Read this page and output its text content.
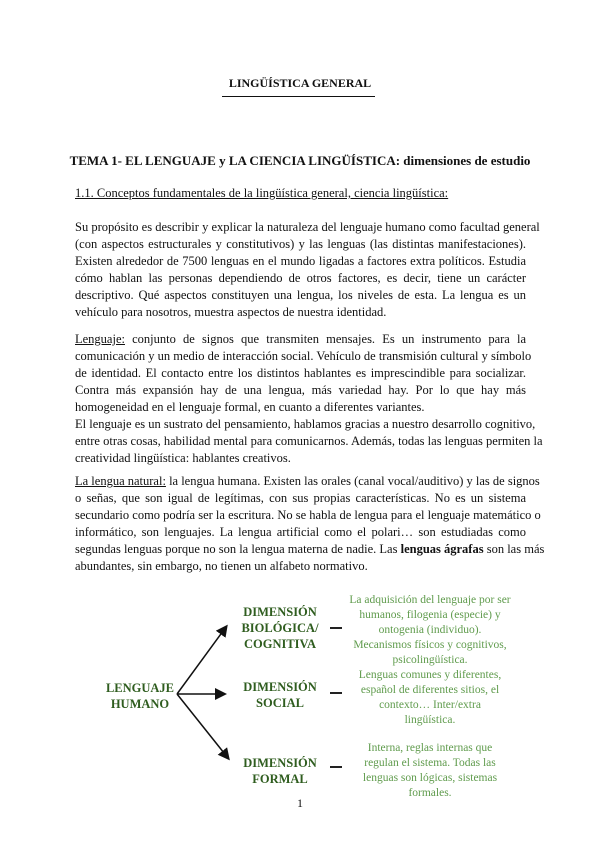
LINGÜÍSTICA GENERAL
TEMA 1- EL LENGUAJE y LA CIENCIA LINGÜÍSTICA: dimensiones de estudio
1.1. Conceptos fundamentales de la lingüística general, ciencia lingüística:
Su propósito es describir y explicar la naturaleza del lenguaje humano como facultad general
(con aspectos estructurales y constitutivos) y las lenguas (las distintas manifestaciones).
Existen alrededor de 7500 lenguas en el mundo ligadas a factores extra políticos. Estudia
cómo hablan las personas dependiendo de otros factores, es decir, tiene un carácter
descriptivo. Qué aspectos constituyen una lengua, los niveles de esta. La lengua es un
vehículo para nosotros, muestra aspectos de nuestra identidad.
Lenguaje: conjunto de signos que transmiten mensajes. Es un instrumento para la
comunicación y un medio de interacción social. Vehículo de transmisión cultural y símbolo
de identidad. El contacto entre los distintos hablantes es imprescindible para socializar.
Contra más expansión hay de una lengua, más variedad hay. Por lo que hay más
homogeneidad en el lenguaje formal, en cuanto a diferentes variantes.
El lenguaje es un sustrato del pensamiento, hablamos gracias a nuestro desarrollo cognitivo,
entre otras cosas, habilidad mental para comunicarnos. Además, todas las lenguas permiten la
creatividad lingüística: hablantes creativos.
La lengua natural: la lengua humana. Existen las orales (canal vocal/auditivo) y las de signos
o señas, que son igual de legítimas, con sus propias características. No es un sistema
secundario como podría ser la escritura. No se habla de lengua para el lenguaje matemático o
informático, son lenguajes. La lengua artificial como el polari… son estudiadas como
segundas lenguas porque no son la lengua materna de nadie. Las lenguas ágrafas son las más
abundantes, sin embargo, no tienen un alfabeto normativo.
LENGUAJE
HUMANO
DIMENSIÓN
BIOLÓGICA/
COGNITIVA
La adquisición del lenguaje por ser
humanos, filogenia (especie) y
ontogenia (individuo).
Mecanismos físicos y cognitivos,
psicolingüística.
DIMENSIÓN
SOCIAL
Lenguas comunes y diferentes,
español de diferentes sitios, el
contexto… Inter/extra
lingüística.
DIMENSIÓN
FORMAL
Interna, reglas internas que
regulan el sistema. Todas las
lenguas son lógicas, sistemas
formales.
1
